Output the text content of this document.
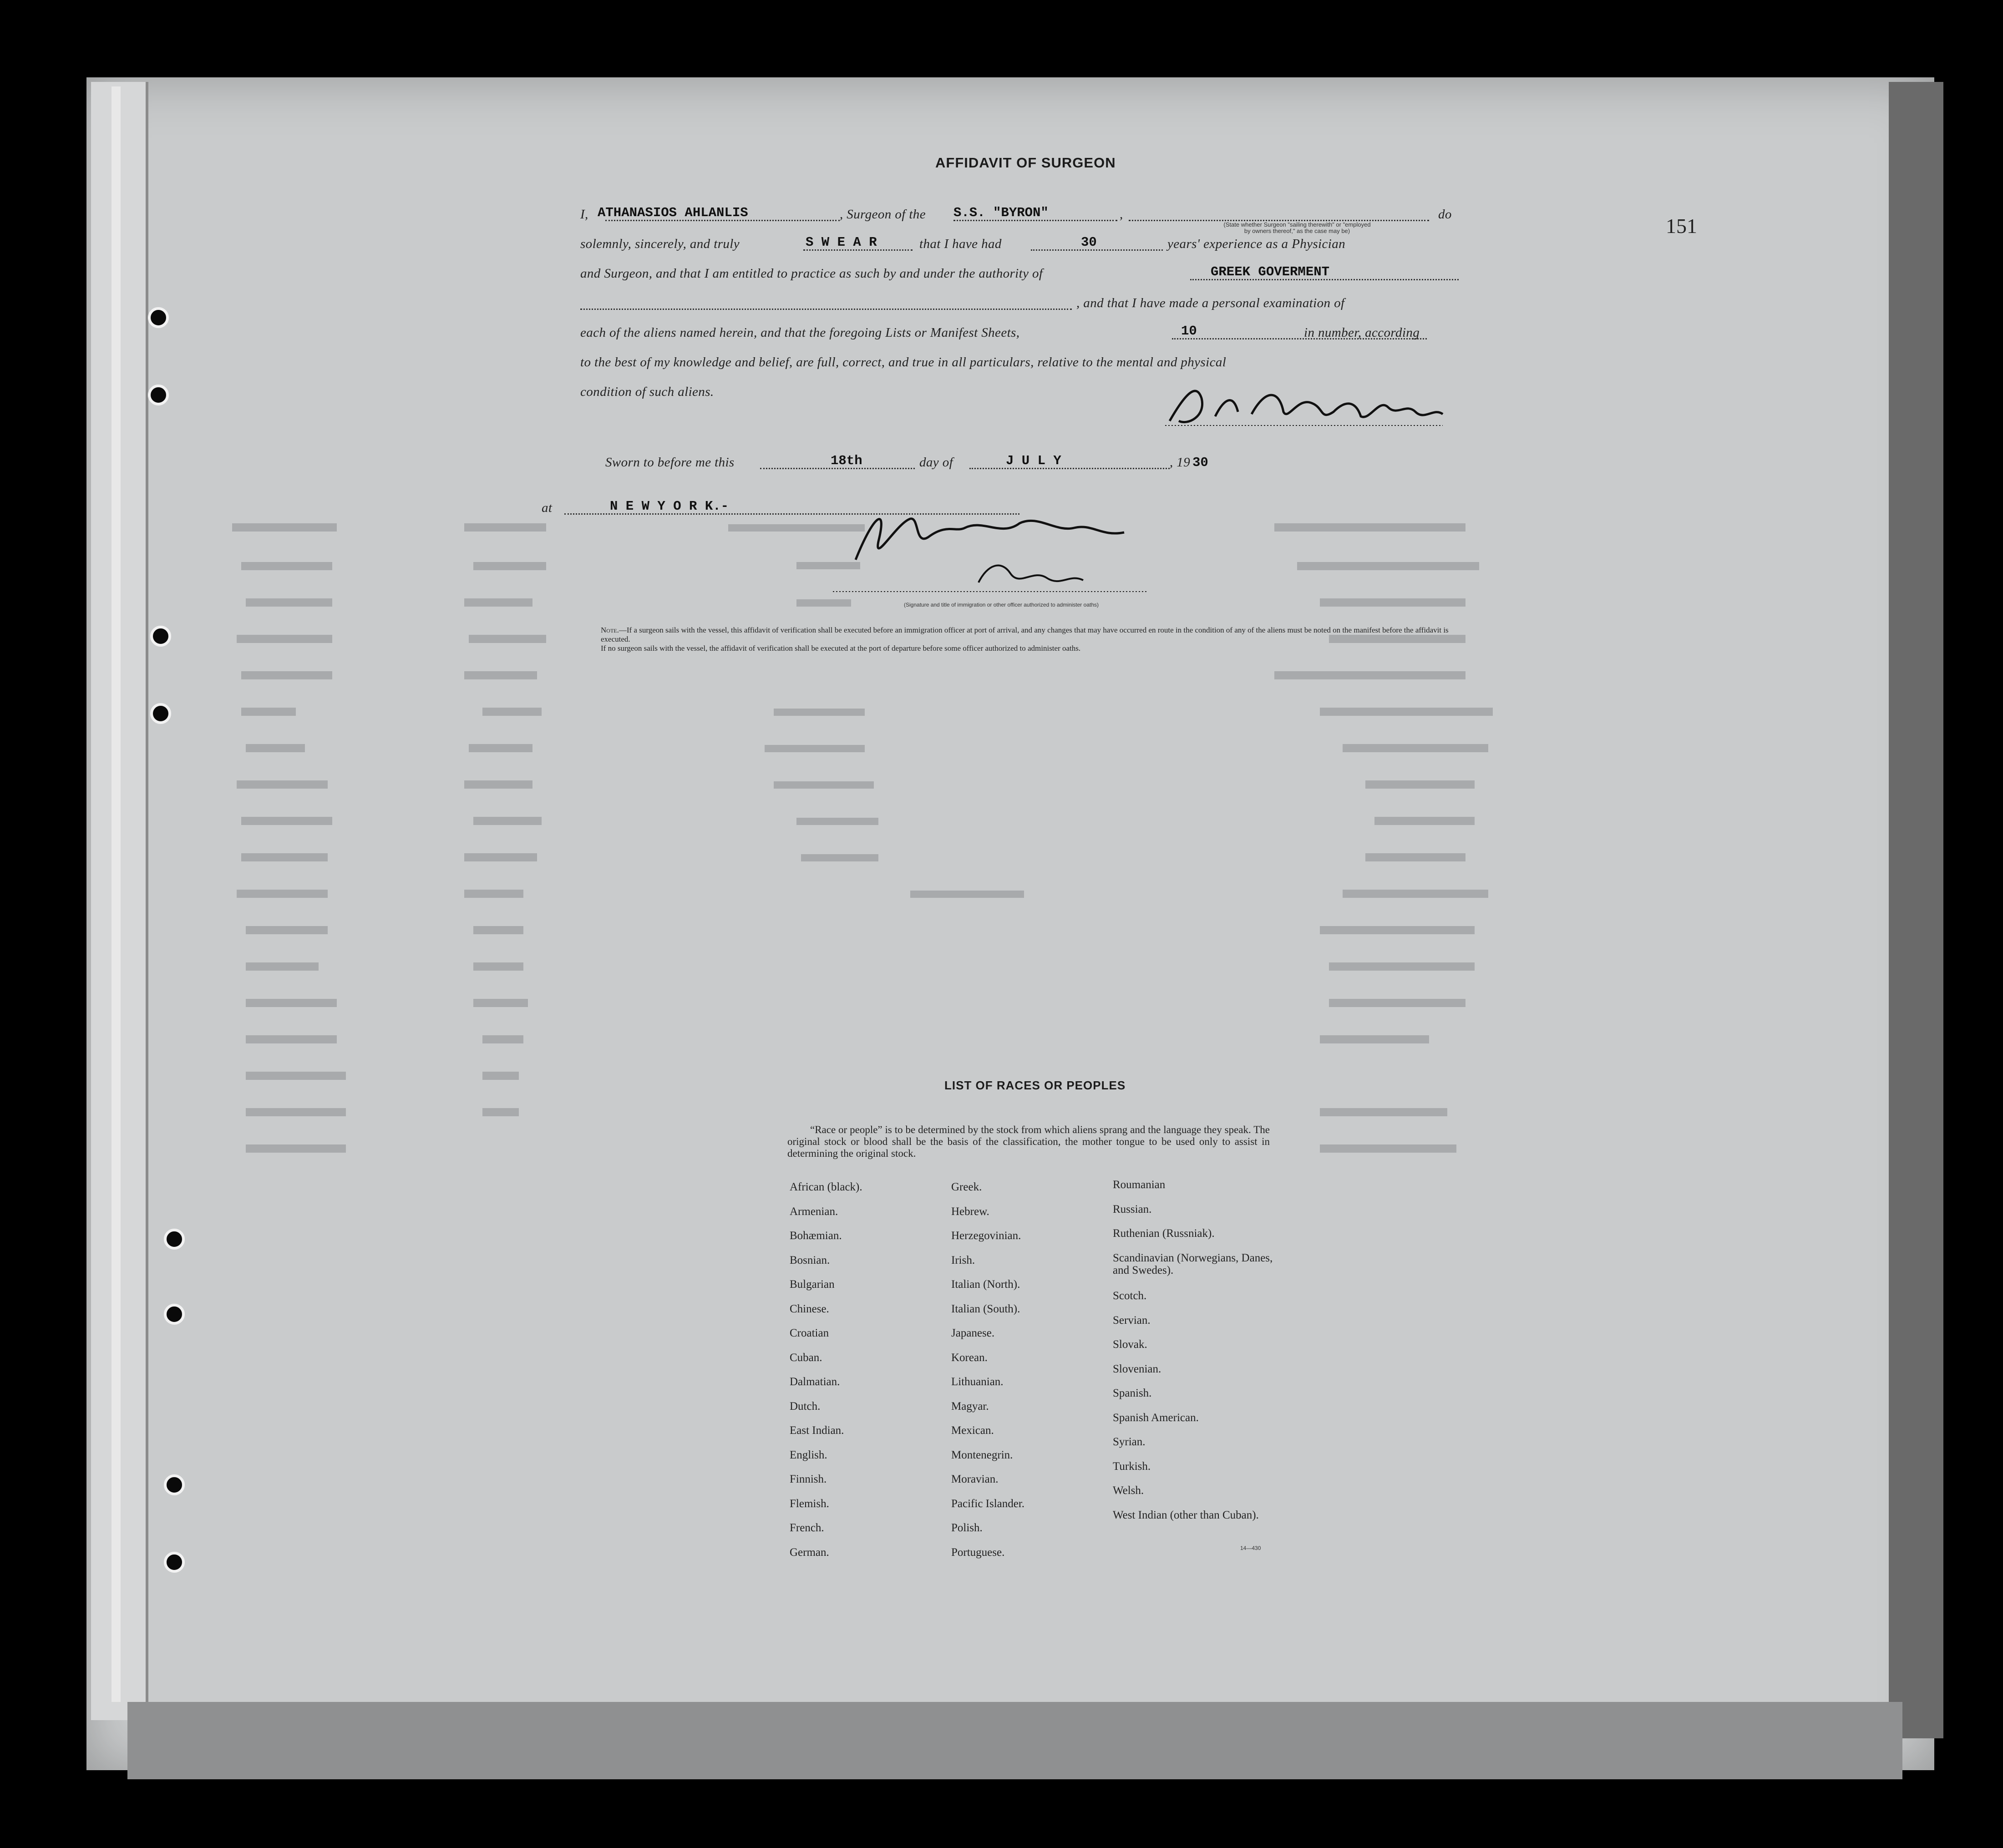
AFFIDAVIT OF SURGEON
151
I, ATHANASIOS AHLANLIS	, Surgeon of the S.S. "BYRON"	,	do
(State whether Surgeon "sailing therewith" or "employed by owners thereof," as the case may be)
solemnly, sincerely, and truly	S W E A R	that I have had	30	years' experience as a Physician
and Surgeon, and that I am entitled to practice as such by and under the authority of	GREEK GOVERMENT
, and that I have made a personal examination of
each of the aliens named herein, and that the foregoing Lists or Manifest Sheets,	10	in number, according
to the best of my knowledge and belief, are full, correct, and true in all particulars, relative to the mental and physical
condition of such aliens.
Sworn to before me this	18th	day of	J U L Y	, 19 30
at	N E W Y O R K.-
(Signature and title of immigration or other officer authorized to administer oaths)
Note.—If a surgeon sails with the vessel, this affidavit of verification shall be executed before an immigration officer at port of arrival, and any changes that may have occurred en route in the condition of any of the aliens must be noted on the manifest before the affidavit is executed.
If no surgeon sails with the vessel, the affidavit of verification shall be executed at the port of departure before some officer authorized to administer oaths.
LIST OF RACES OR PEOPLES
“Race or people” is to be determined by the stock from which aliens sprang and the language they speak. The original stock or blood shall be the basis of the classification, the mother tongue to be used only to assist in determining the original stock.
African (black).
Armenian.
Bohæmian.
Bosnian.
Bulgarian
Chinese.
Croatian
Cuban.
Dalmatian.
Dutch.
East Indian.
English.
Finnish.
Flemish.
French.
German.
Greek.
Hebrew.
Herzegovinian.
Irish.
Italian (North).
Italian (South).
Japanese.
Korean.
Lithuanian.
Magyar.
Mexican.
Montenegrin.
Moravian.
Pacific Islander.
Polish.
Portuguese.
Roumanian
Russian.
Ruthenian (Russniak).
Scandinavian (Norwegians, Danes, and Swedes).
Scotch.
Servian.
Slovak.
Slovenian.
Spanish.
Spanish American.
Syrian.
Turkish.
Welsh.
West Indian (other than Cuban).
14—430
